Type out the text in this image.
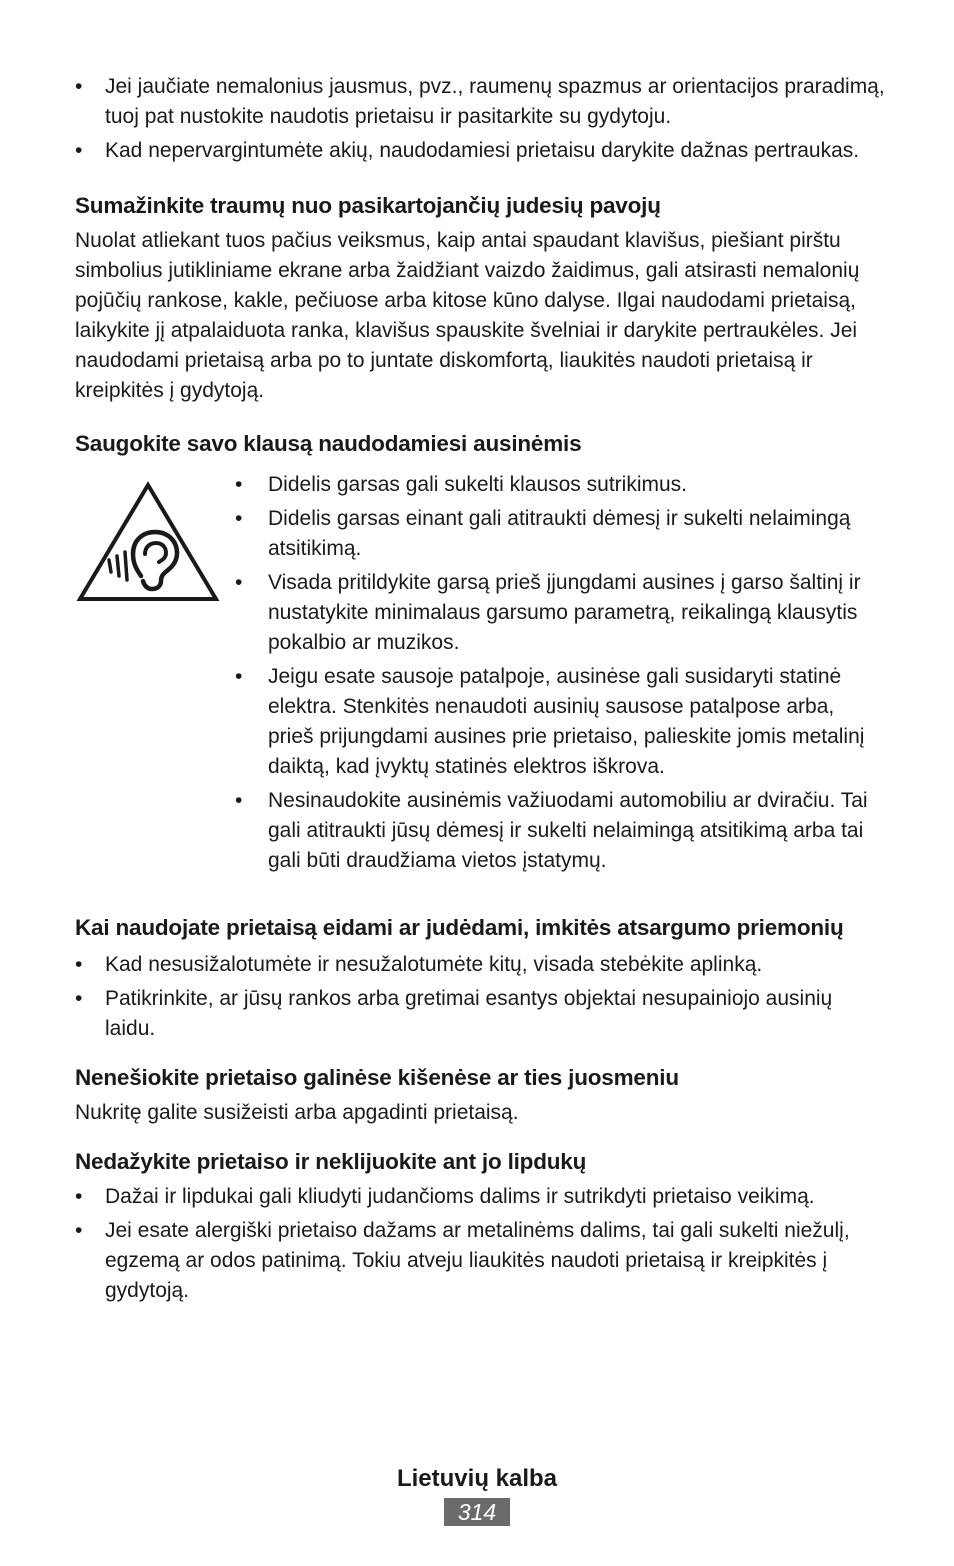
• Jei jaučiate nemalonius jausmus, pvz., raumenų spazmus ar orientacijos praradimą, tuoj pat nustokite naudotis prietaisu ir pasitarkite su gydytoju.
• Kad nepervargintumėte akių, naudodamiesi prietaisu darykite dažnas pertraukas.
Sumažinkite traumų nuo pasikartojančių judesių pavojų

Nuolat atliekant tuos pačius veiksmus, kaip antai spaudant klavišus, piešiant pirštu simbolius jutikliniame ekrane arba žaidžiant vaizdo žaidimus, gali atsirasti nemalonių pojūčių rankose, kakle, pečiuose arba kitose kūno dalyse. Ilgai naudodami prietaisą, laikykite jį atpalaiduota ranka, klavišus spauskite švelniai ir darykite pertraukėles. Jei naudodami prietaisą arba po to juntate diskomfortą, liaukitės naudoti prietaisą ir kreipkitės į gydytoją.

Saugokite savo klausą naudodamiesi ausinėmis
• Didelis garsas gali sukelti klausos sutrikimus.
• Didelis garsas einant gali atitraukti dėmesį ir sukelti nelaimingą atsitikimą.
• Visada pritildykite garsą prieš įjungdami ausines į garso šaltinį ir nustatykite minimalaus garsumo parametrą, reikalingą klausytis pokalbio ar muzikos.
• Jeigu esate sausoje patalpoje, ausinėse gali susidaryti statinė elektra. Stenkitės nenaudoti ausinių sausose patalpose arba, prieš prijungdami ausines prie prietaiso, palieskite jomis metalinį daiktą, kad įvyktų statinės elektros iškrova.
• Nesinaudokite ausinėmis važiuodami automobiliu ar dviračiu. Tai gali atitraukti jūsų dėmesį ir sukelti nelaimingą atsitikimą arba tai gali būti draudžiama vietos įstatymų.
Kai naudojate prietaisą eidami ar judėdami, imkitės atsargumo priemonių
• Kad nesusižalotumėte ir nesužalotumėte kitų, visada stebėkite aplinką.
• Patikrinkite, ar jūsų rankos arba gretimai esantys objektai nesupainiojo ausinių laidu.
Nenešiokite prietaiso galinėse kišenėse ar ties juosmeniu

Nukritę galite susižeisti arba apgadinti prietaisą.

Nedažykite prietaiso ir neklijuokite ant jo lipdukų
• Dažai ir lipdukai gali kliudyti judančioms dalims ir sutrikdyti prietaiso veikimą.
• Jei esate alergiški prietaiso dažams ar metalinėms dalims, tai gali sukelti niežulį, egzemą ar odos patinimą. Tokiu atveju liaukitės naudoti prietaisą ir kreipkitės į gydytoją.
Lietuvių kalba
314
